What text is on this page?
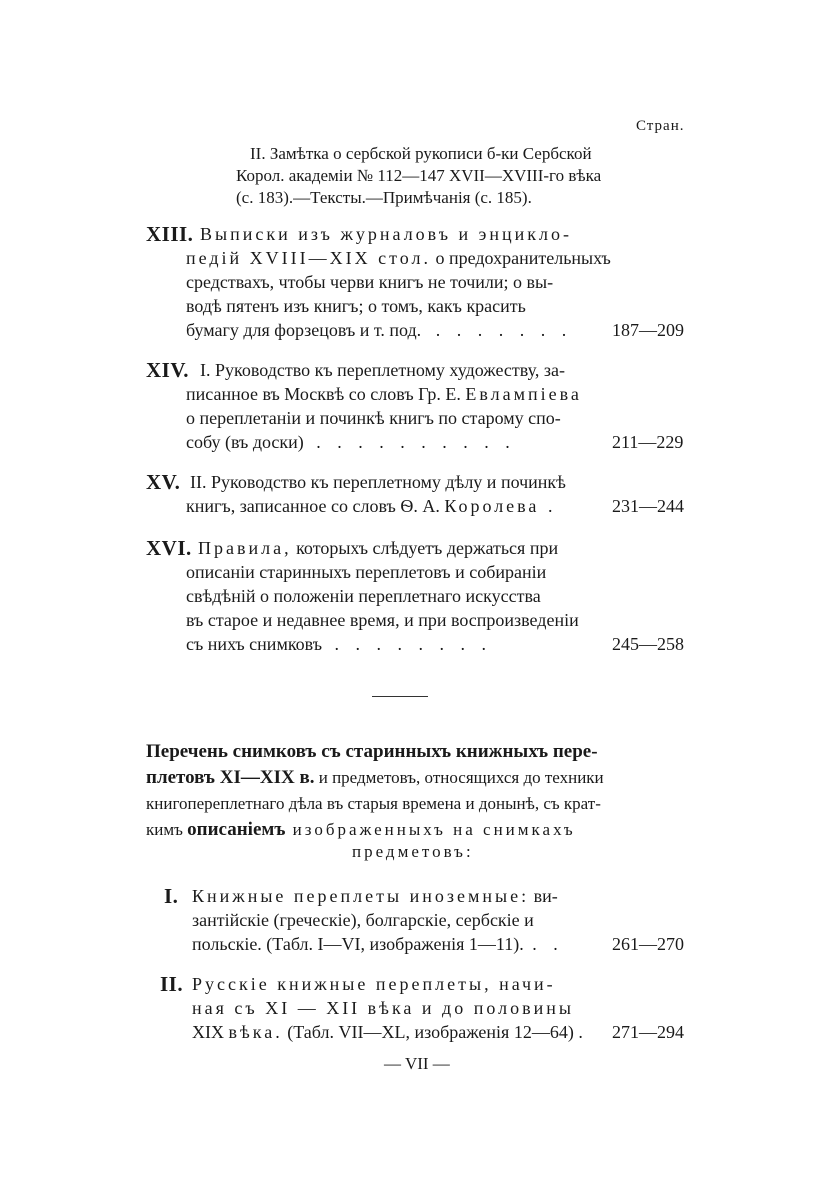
Стран.
II. Замѣтка о сербской рукописи б-ки Сербской
Корол. академіи № 112—147 XVII—XVIII-го вѣка
(с. 183).—Тексты.—Примѣчанія (с. 185).
XIII. Выписки изъ журналовъ и энцикло-
педій XVIII—XIX стол. о предохранительныхъ
средствахъ, чтобы черви книгъ не точили; о вы-
водѣ пятенъ изъ книгъ; о томъ, какъ красить
бумагу для форзецовъ и т. под. . . . . . . .	187—209
XIV. I. Руководство къ переплетному художеству, за-
писанное въ Москвѣ со словъ Гр. Е. Евлампіева
о переплетаніи и починкѣ книгъ по старому спо-
собу (въ доски) . . . . . . . . . .	211—229
XV. II. Руководство къ переплетному дѣлу и починкѣ
книгъ, записанное со словъ Ѳ. А. Королева .	231—244
XVI. Правила, которыхъ слѣдуетъ держаться при
описаніи старинныхъ переплетовъ и собираніи
свѣдѣній о положеніи переплетнаго искусства
въ старое и недавнее время, и при воспроизведеніи
съ нихъ снимковъ . . . . . . . .	245—258
Перечень снимковъ съ старинныхъ книжныхъ пере-
плетовъ XI—XIX в. и предметовъ, относящихся до техники
книгопереплетнаго дѣла въ старыя времена и донынѣ, съ крат-
кимъ описаніемъ изображенныхъ на снимкахъ
предметовъ:
I. Книжные переплеты иноземные: ви-
зантійскіе (греческіе), болгарскіе, сербскіе и
польскіе. (Табл. I—VI, изображенія 1—11). . .	261—270
II. Русскіе книжные переплеты, начи-
ная съ XI — XII вѣка и до половины
XIX вѣка. (Табл. VII—XL, изображенія 12—64) .	271—294
— VII —
